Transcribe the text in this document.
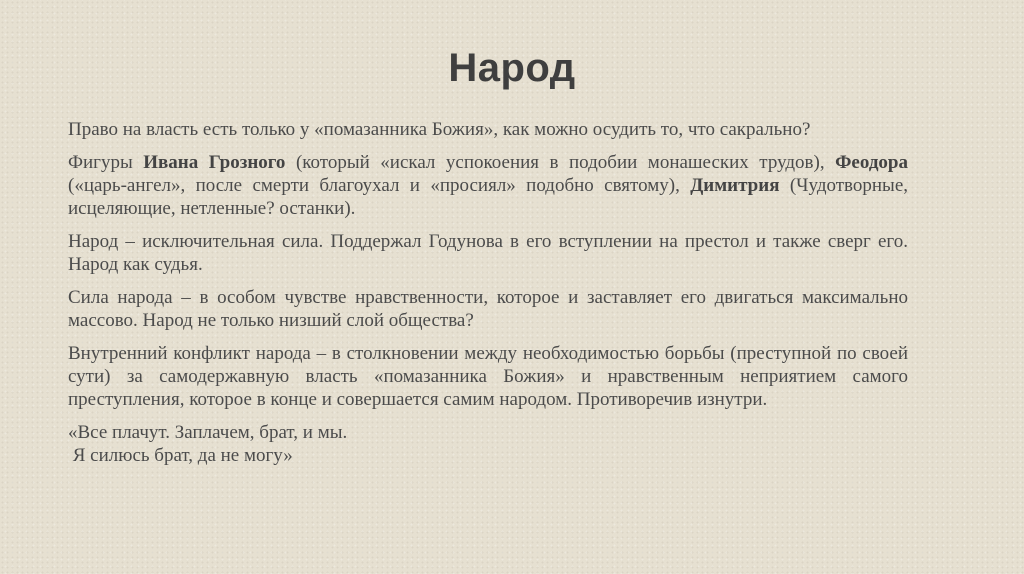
Народ

Право на власть есть только у «помазанника Божия», как можно осудить то, что сакрально?

Фигуры Ивана Грозного (который «искал успокоения в подобии монашеских трудов), Феодора («царь-ангел», после смерти благоухал и «просиял» подобно святому), Димитрия (Чудотворные, исцеляющие, нетленные? останки).

Народ – исключительная сила. Поддержал Годунова в его вступлении на престол и также сверг его. Народ как судья.

Сила народа – в особом чувстве нравственности, которое и заставляет его двигаться максимально массово. Народ не только низший слой общества?

Внутренний конфликт народа – в столкновении между необходимостью борьбы (преступной по своей сути) за самодержавную власть «помазанника Божия» и нравственным неприятием самого преступления, которое в конце и совершается самим народом. Противоречив изнутри.

«Все плачут. Заплачем, брат, и мы.

Я силюсь брат, да не могу»
